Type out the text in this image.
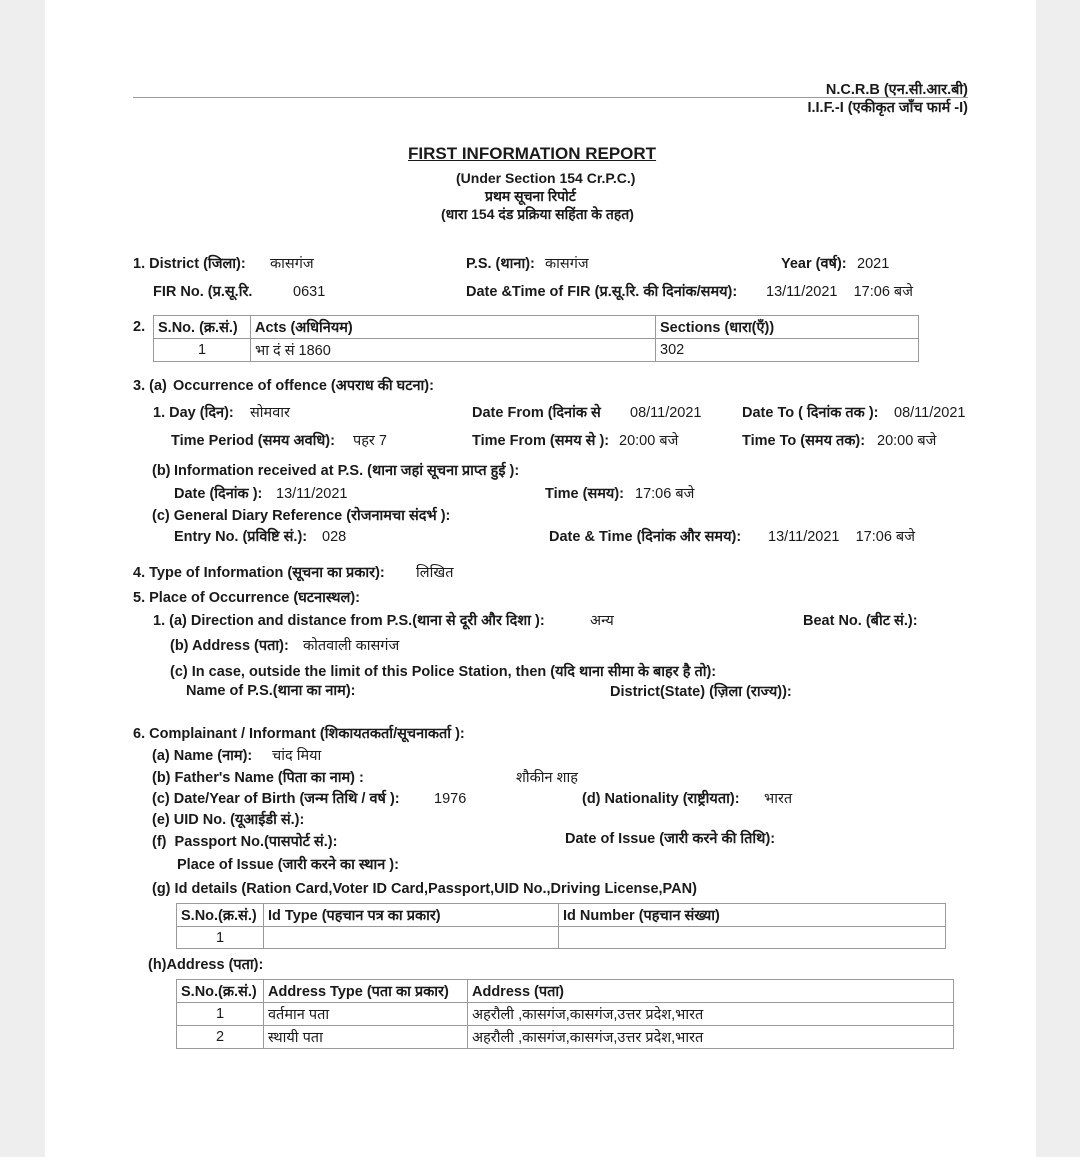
N.C.R.B (एन.सी.आर.बी)
I.I.F.-I (एकीकृत जाँच फार्म -I)
FIRST INFORMATION REPORT
(Under Section 154 Cr.P.C.)
प्रथम सूचना रिपोर्ट
(धारा 154 दंड प्रक्रिया सहिंता के तहत)
1. District (जिला): कासगंज	P.S. (थाना): कासगंज	Year (वर्ष): 2021
FIR No. (प्र.सू.रि.	0631	Date &Time of FIR (प्र.सू.रि. की दिनांक/समय): 13/11/2021    17:06 बजे
2. S.No. (क्र.सं.)	Acts (अधिनियम)	Sections (धारा(एँ))
1	भा दं सं 1860	302
3. (a) Occurrence of offence (अपराध की घटना):
1. Day (दिन): सोमवार	Date From (दिनांक से 08/11/2021	Date To ( दिनांक तक ): 08/11/2021
Time Period (समय अवधि): पहर 7	Time From (समय से ): 20:00 बजे	Time To (समय तक): 20:00 बजे
(b) Information received at P.S. (थाना जहां सूचना प्राप्त हुई ):
Date (दिनांक ): 13/11/2021	Time (समय): 17:06 बजे
(c) General Diary Reference (रोजनामचा संदर्भ ):
Entry No. (प्रविष्टि सं.): 028	Date & Time (दिनांक और समय): 13/11/2021    17:06 बजे
4. Type of Information (सूचना का प्रकार): लिखित
5. Place of Occurrence (घटनास्थल):
1. (a) Direction and distance from P.S.(थाना से दूरी और दिशा ):	अन्य	Beat No. (बीट सं.):
(b) Address (पता): कोतवाली कासगंज
(c) In case, outside the limit of this Police Station, then (यदि थाना सीमा के बाहर है तो):
Name of P.S.(थाना का नाम):	District(State) (ज़िला (राज्य)):
6. Complainant / Informant (शिकायतकर्ता/सूचनाकर्ता ):
(a) Name (नाम): चांद मिया
(b) Father's Name (पिता का नाम) :	शौकीन शाह
(c) Date/Year of Birth (जन्म तिथि / वर्ष ): 1976	(d) Nationality (राष्ट्रीयता): भारत
(e) UID No. (यूआईडी सं.):
(f)  Passport No.(पासपोर्ट सं.):	Date of Issue (जारी करने की तिथि):
Place of Issue (जारी करने का स्थान ):
(g) Id details (Ration Card,Voter ID Card,Passport,UID No.,Driving License,PAN)
S.No.(क्र.सं.)	Id Type (पहचान पत्र का प्रकार)	Id Number (पहचान संख्या)
1		
(h)Address (पता):
S.No.(क्र.सं.)	Address Type (पता का प्रकार)	Address (पता)
1	वर्तमान पता	अहरौली ,कासगंज,कासगंज,उत्तर प्रदेश,भारत
2	स्थायी पता	अहरौली ,कासगंज,कासगंज,उत्तर प्रदेश,भारत
